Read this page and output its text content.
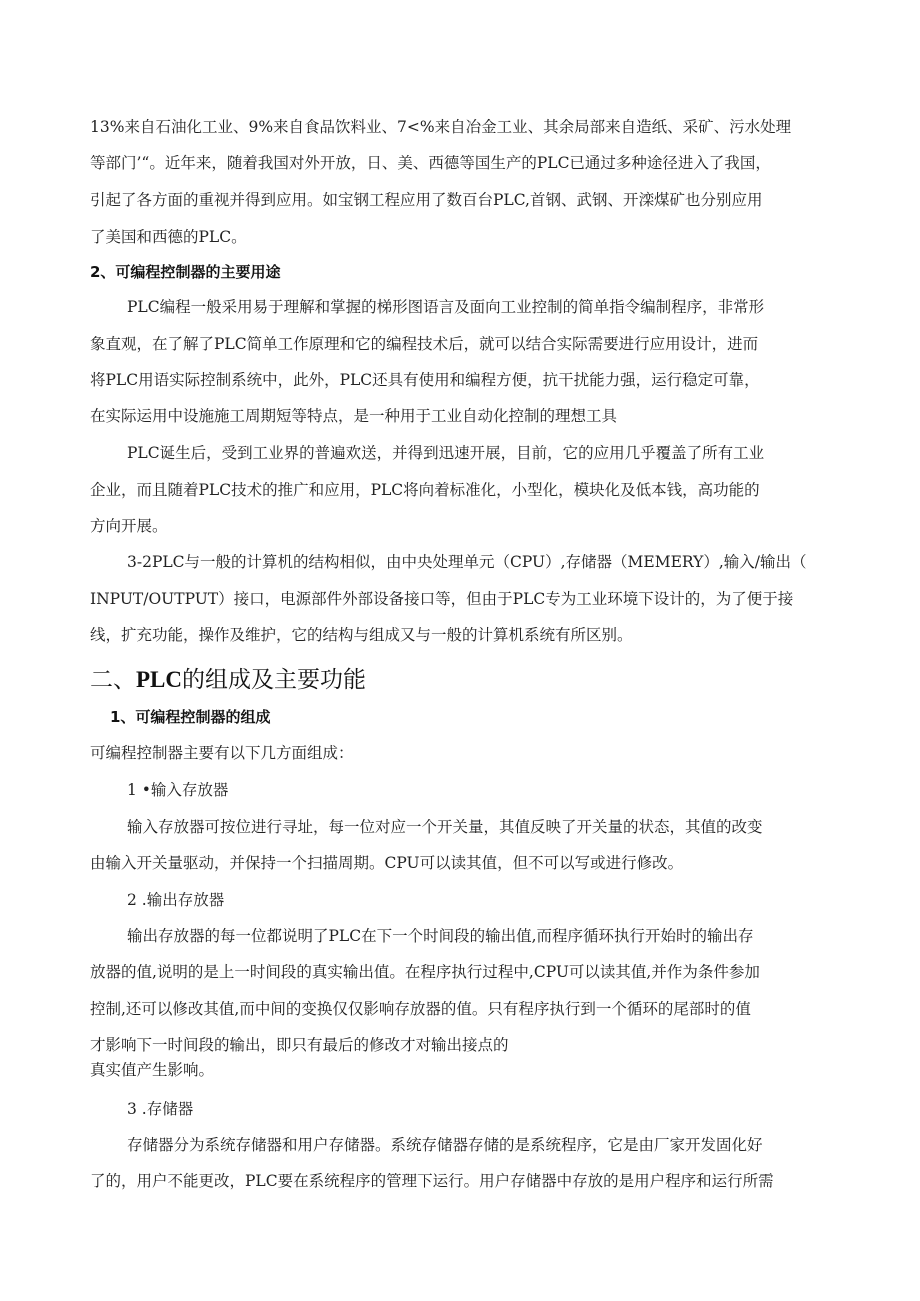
13%来自石油化工业、9%来自食品饮料业、7<%来自冶金工业、其余局部来自造纸、采矿、污水处理
等部门’“。近年来，随着我国对外开放，日、美、西德等国生产的PLC已通过多种途径进入了我国，
引起了各方面的重视并得到应用。如宝钢工程应用了数百台PLC,首钢、武钢、开滦煤矿也分别应用
了美国和西德的PLC。
2、可编程控制器的主要用途
PLC编程一般采用易于理解和掌握的梯形图语言及面向工业控制的简单指令编制程序，非常形
象直观，在了解了PLC简单工作原理和它的编程技术后，就可以结合实际需要进行应用设计，进而
将PLC用语实际控制系统中，此外，PLC还具有使用和编程方便，抗干扰能力强，运行稳定可靠，
在实际运用中设施施工周期短等特点，是一种用于工业自动化控制的理想工具
PLC诞生后，受到工业界的普遍欢送，并得到迅速开展，目前，它的应用几乎覆盖了所有工业
企业，而且随着PLC技术的推广和应用，PLC将向着标准化，小型化，模块化及低本钱，高功能的
方向开展。
3-2PLC与一般的计算机的结构相似，由中央处理单元（CPU）,存储器（MEMERY）,输入/输出（
INPUT/OUTPUT）接口，电源部件外部设备接口等，但由于PLC专为工业环境下设计的，为了便于接
线，扩充功能，操作及维护，它的结构与组成又与一般的计算机系统有所区别。
二、PLC的组成及主要功能
1、可编程控制器的组成
可编程控制器主要有以下几方面组成：
1 •输入存放器
输入存放器可按位进行寻址，每一位对应一个开关量，其值反映了开关量的状态，其值的改变
由输入开关量驱动，并保持一个扫描周期。CPU可以读其值，但不可以写或进行修改。
2 .输出存放器
输出存放器的每一位都说明了PLC在下一个时间段的输出值,而程序循环执行开始时的输出存
放器的值,说明的是上一时间段的真实输出值。在程序执行过程中,CPU可以读其值,并作为条件参加
控制,还可以修改其值,而中间的变换仅仅影响存放器的值。只有程序执行到一个循环的尾部时的值
才影响下一时间段的输出，即只有最后的修改才对输出接点的
真实值产生影响。
3 .存储器
存储器分为系统存储器和用户存储器。系统存储器存储的是系统程序，它是由厂家开发固化好
了的，用户不能更改，PLC要在系统程序的管理下运行。用户存储器中存放的是用户程序和运行所需
